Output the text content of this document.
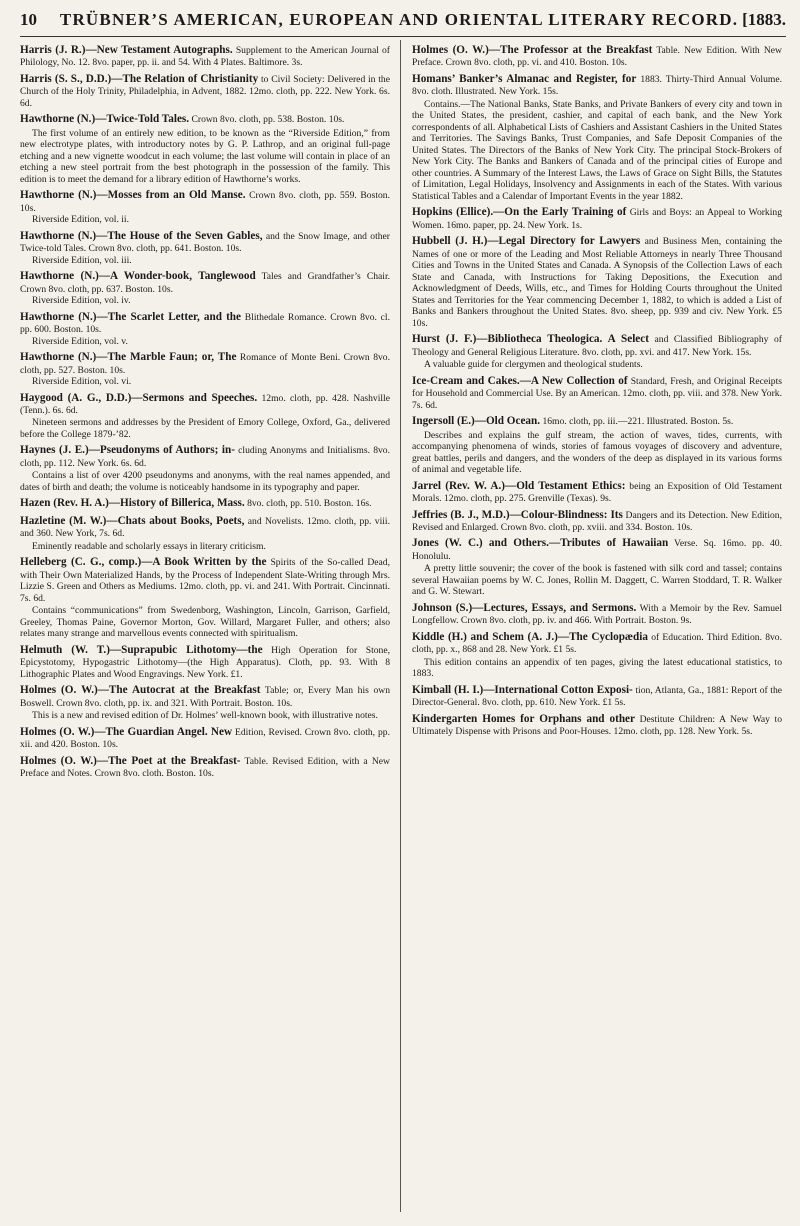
10	TRÜBNER’S AMERICAN, EUROPEAN AND ORIENTAL LITERARY RECORD. [1883.
Harris (J. R.)—New Testament Autographs. Supplement to the American Journal of Philology, No. 12. 8vo. paper, pp. ii. and 54. With 4 Plates. Baltimore. 3s.
Harris (S. S., D.D.)—The Relation of Christianity to Civil Society: Delivered in the Church of the Holy Trinity, Philadelphia, in Advent, 1882. 12mo. cloth, pp. 222. New York. 6s. 6d.
Hawthorne (N.)—Twice-Told Tales. Crown 8vo. cloth, pp. 538. Boston. 10s.
The first volume of an entirely new edition, to be known as the “Riverside Edition,” from new electrotype plates, with introductory notes by G. P. Lathrop, and an original full-page etching and a new vignette woodcut in each volume; the last volume will contain in place of an etching a new steel portrait from the best photograph in the possession of the family. This edition is to meet the demand for a library edition of Hawthorne’s works.
Hawthorne (N.)—Mosses from an Old Manse. Crown 8vo. cloth, pp. 559. Boston. 10s.
Riverside Edition, vol. ii.
Hawthorne (N.)—The House of the Seven Gables, and the Snow Image, and other Twice-told Tales. Crown 8vo. cloth, pp. 641. Boston. 10s.
Riverside Edition, vol. iii.
Hawthorne (N.)—A Wonder-book, Tanglewood Tales and Grandfather’s Chair. Crown 8vo. cloth, pp. 637. Boston. 10s.
Riverside Edition, vol. iv.
Hawthorne (N.)—The Scarlet Letter, and the Blithedale Romance. Crown 8vo. cl. pp. 600. Boston. 10s.
Riverside Edition, vol. v.
Hawthorne (N.)—The Marble Faun; or, The Romance of Monte Beni. Crown 8vo. cloth, pp. 527. Boston. 10s.
Riverside Edition, vol. vi.
Haygood (A. G., D.D.)—Sermons and Speeches. 12mo. cloth, pp. 428. Nashville (Tenn.). 6s. 6d.
Nineteen sermons and addresses by the President of Emory College, Oxford, Ga., delivered before the College 1879-’82.
Haynes (J. E.)—Pseudonyms of Authors; in- cluding Anonyms and Initialisms. 8vo. cloth, pp. 112. New York. 6s. 6d.
Contains a list of over 4200 pseudonyms and anonyms, with the real names appended, and dates of birth and death; the volume is noticeably handsome in its typography and paper.
Hazen (Rev. H. A.)—History of Billerica, Mass. 8vo. cloth, pp. 510. Boston. 16s.
Hazletine (M. W.)—Chats about Books, Poets, and Novelists. 12mo. cloth, pp. viii. and 360. New York, 7s. 6d.
Eminently readable and scholarly essays in literary criticism.
Helleberg (C. G., comp.)—A Book Written by the Spirits of the So-called Dead, with Their Own Materialized Hands, by the Process of Independent Slate-Writing through Mrs. Lizzie S. Green and Others as Mediums. 12mo. cloth, pp. vi. and 241. With Portrait. Cincinnati. 7s. 6d.
Contains “communications” from Swedenborg, Washington, Lincoln, Garrison, Garfield, Greeley, Thomas Paine, Governor Morton, Gov. Willard, Margaret Fuller, and others; also relates many strange and marvellous events connected with spiritualism.
Helmuth (W. T.)—Suprapubic Lithotomy—the High Operation for Stone, Epicystotomy, Hypogastric Lithotomy—(the High Apparatus). Cloth, pp. 93. With 8 Lithographic Plates and Wood Engravings. New York. £1.
Holmes (O. W.)—The Autocrat at the Breakfast Table; or, Every Man his own Boswell. Crown 8vo. cloth, pp. ix. and 321. With Portrait. Boston. 10s.
This is a new and revised edition of Dr. Holmes’ well-known book, with illustrative notes.
Holmes (O. W.)—The Guardian Angel. New Edition, Revised. Crown 8vo. cloth, pp. xii. and 420. Boston. 10s.
Holmes (O. W.)—The Poet at the Breakfast- Table. Revised Edition, with a New Preface and Notes. Crown 8vo. cloth. Boston. 10s.
Holmes (O. W.)—The Professor at the Breakfast Table. New Edition. With New Preface. Crown 8vo. cloth, pp. vi. and 410. Boston. 10s.
Homans’ Banker’s Almanac and Register, for 1883. Thirty-Third Annual Volume. 8vo. cloth. Illustrated. New York. 15s.
Contains.—The National Banks, State Banks, and Private Bankers of every city and town in the United States, the president, cashier, and capital of each bank, and the New York correspondents of all. Alphabetical Lists of Cashiers and Assistant Cashiers in the United States and Territories. The Savings Banks, Trust Companies, and Safe Deposit Companies of the United States. The Directors of the Banks of New York City. The principal Stock-Brokers of New York City. The Banks and Bankers of Canada and of the principal cities of Europe and other countries. A Summary of the Interest Laws, the Laws of Grace on Sight Bills, the Statutes of Limitation, Legal Holidays, Insolvency and Assignments in each of the States. With various Statistical Tables and a Calendar of Important Events in the year 1882.
Hopkins (Ellice).—On the Early Training of Girls and Boys: an Appeal to Working Women. 16mo. paper, pp. 24. New York. 1s.
Hubbell (J. H.)—Legal Directory for Lawyers and Business Men, containing the Names of one or more of the Leading and Most Reliable Attorneys in nearly Three Thousand Cities and Towns in the United States and Canada. A Synopsis of the Collection Laws of each State and Canada, with Instructions for Taking Depositions, the Execution and Acknowledgment of Deeds, Wills, etc., and Times for Holding Courts throughout the United States and Territories for the Year commencing December 1, 1882, to which is added a List of Banks and Bankers throughout the United States. 8vo. sheep, pp. 939 and civ. New York. £5 10s.
Hurst (J. F.)—Bibliotheca Theologica. A Select and Classified Bibliography of Theology and General Religious Literature. 8vo. cloth, pp. xvi. and 417. New York. 15s.
A valuable guide for clergymen and theological students.
Ice-Cream and Cakes.—A New Collection of Standard, Fresh, and Original Receipts for Household and Commercial Use. By an American. 12mo. cloth, pp. viii. and 378. New York. 7s. 6d.
Ingersoll (E.)—Old Ocean. 16mo. cloth, pp. iii.—221. Illustrated. Boston. 5s.
Describes and explains the gulf stream, the action of waves, tides, currents, with accompanying phenomena of winds, stories of famous voyages of discovery and adventure, great battles, perils and dangers, and the wonders of the deep as displayed in its various forms of animal and vegetable life.
Jarrel (Rev. W. A.)—Old Testament Ethics: being an Exposition of Old Testament Morals. 12mo. cloth, pp. 275. Grenville (Texas). 9s.
Jeffries (B. J., M.D.)—Colour-Blindness: Its Dangers and its Detection. New Edition, Revised and Enlarged. Crown 8vo. cloth, pp. xviii. and 334. Boston. 10s.
Jones (W. C.) and Others.—Tributes of Hawaiian Verse. Sq. 16mo. pp. 40. Honolulu.
A pretty little souvenir; the cover of the book is fastened with silk cord and tassel; contains several Hawaiian poems by W. C. Jones, Rollin M. Daggett, C. Warren Stoddard, T. R. Walker and G. W. Stewart.
Johnson (S.)—Lectures, Essays, and Sermons. With a Memoir by the Rev. Samuel Longfellow. Crown 8vo. cloth, pp. iv. and 466. With Portrait. Boston. 9s.
Kiddle (H.) and Schem (A. J.)—The Cyclopædia of Education. Third Edition. 8vo. cloth, pp. x., 868 and 28. New York. £1 5s.
This edition contains an appendix of ten pages, giving the latest educational statistics, to 1883.
Kimball (H. I.)—International Cotton Exposi- tion, Atlanta, Ga., 1881: Report of the Director-General. 8vo. cloth, pp. 610. New York. £1 5s.
Kindergarten Homes for Orphans and other Destitute Children: A New Way to Ultimately Dispense with Prisons and Poor-Houses. 12mo. cloth, pp. 128. New York. 5s.
